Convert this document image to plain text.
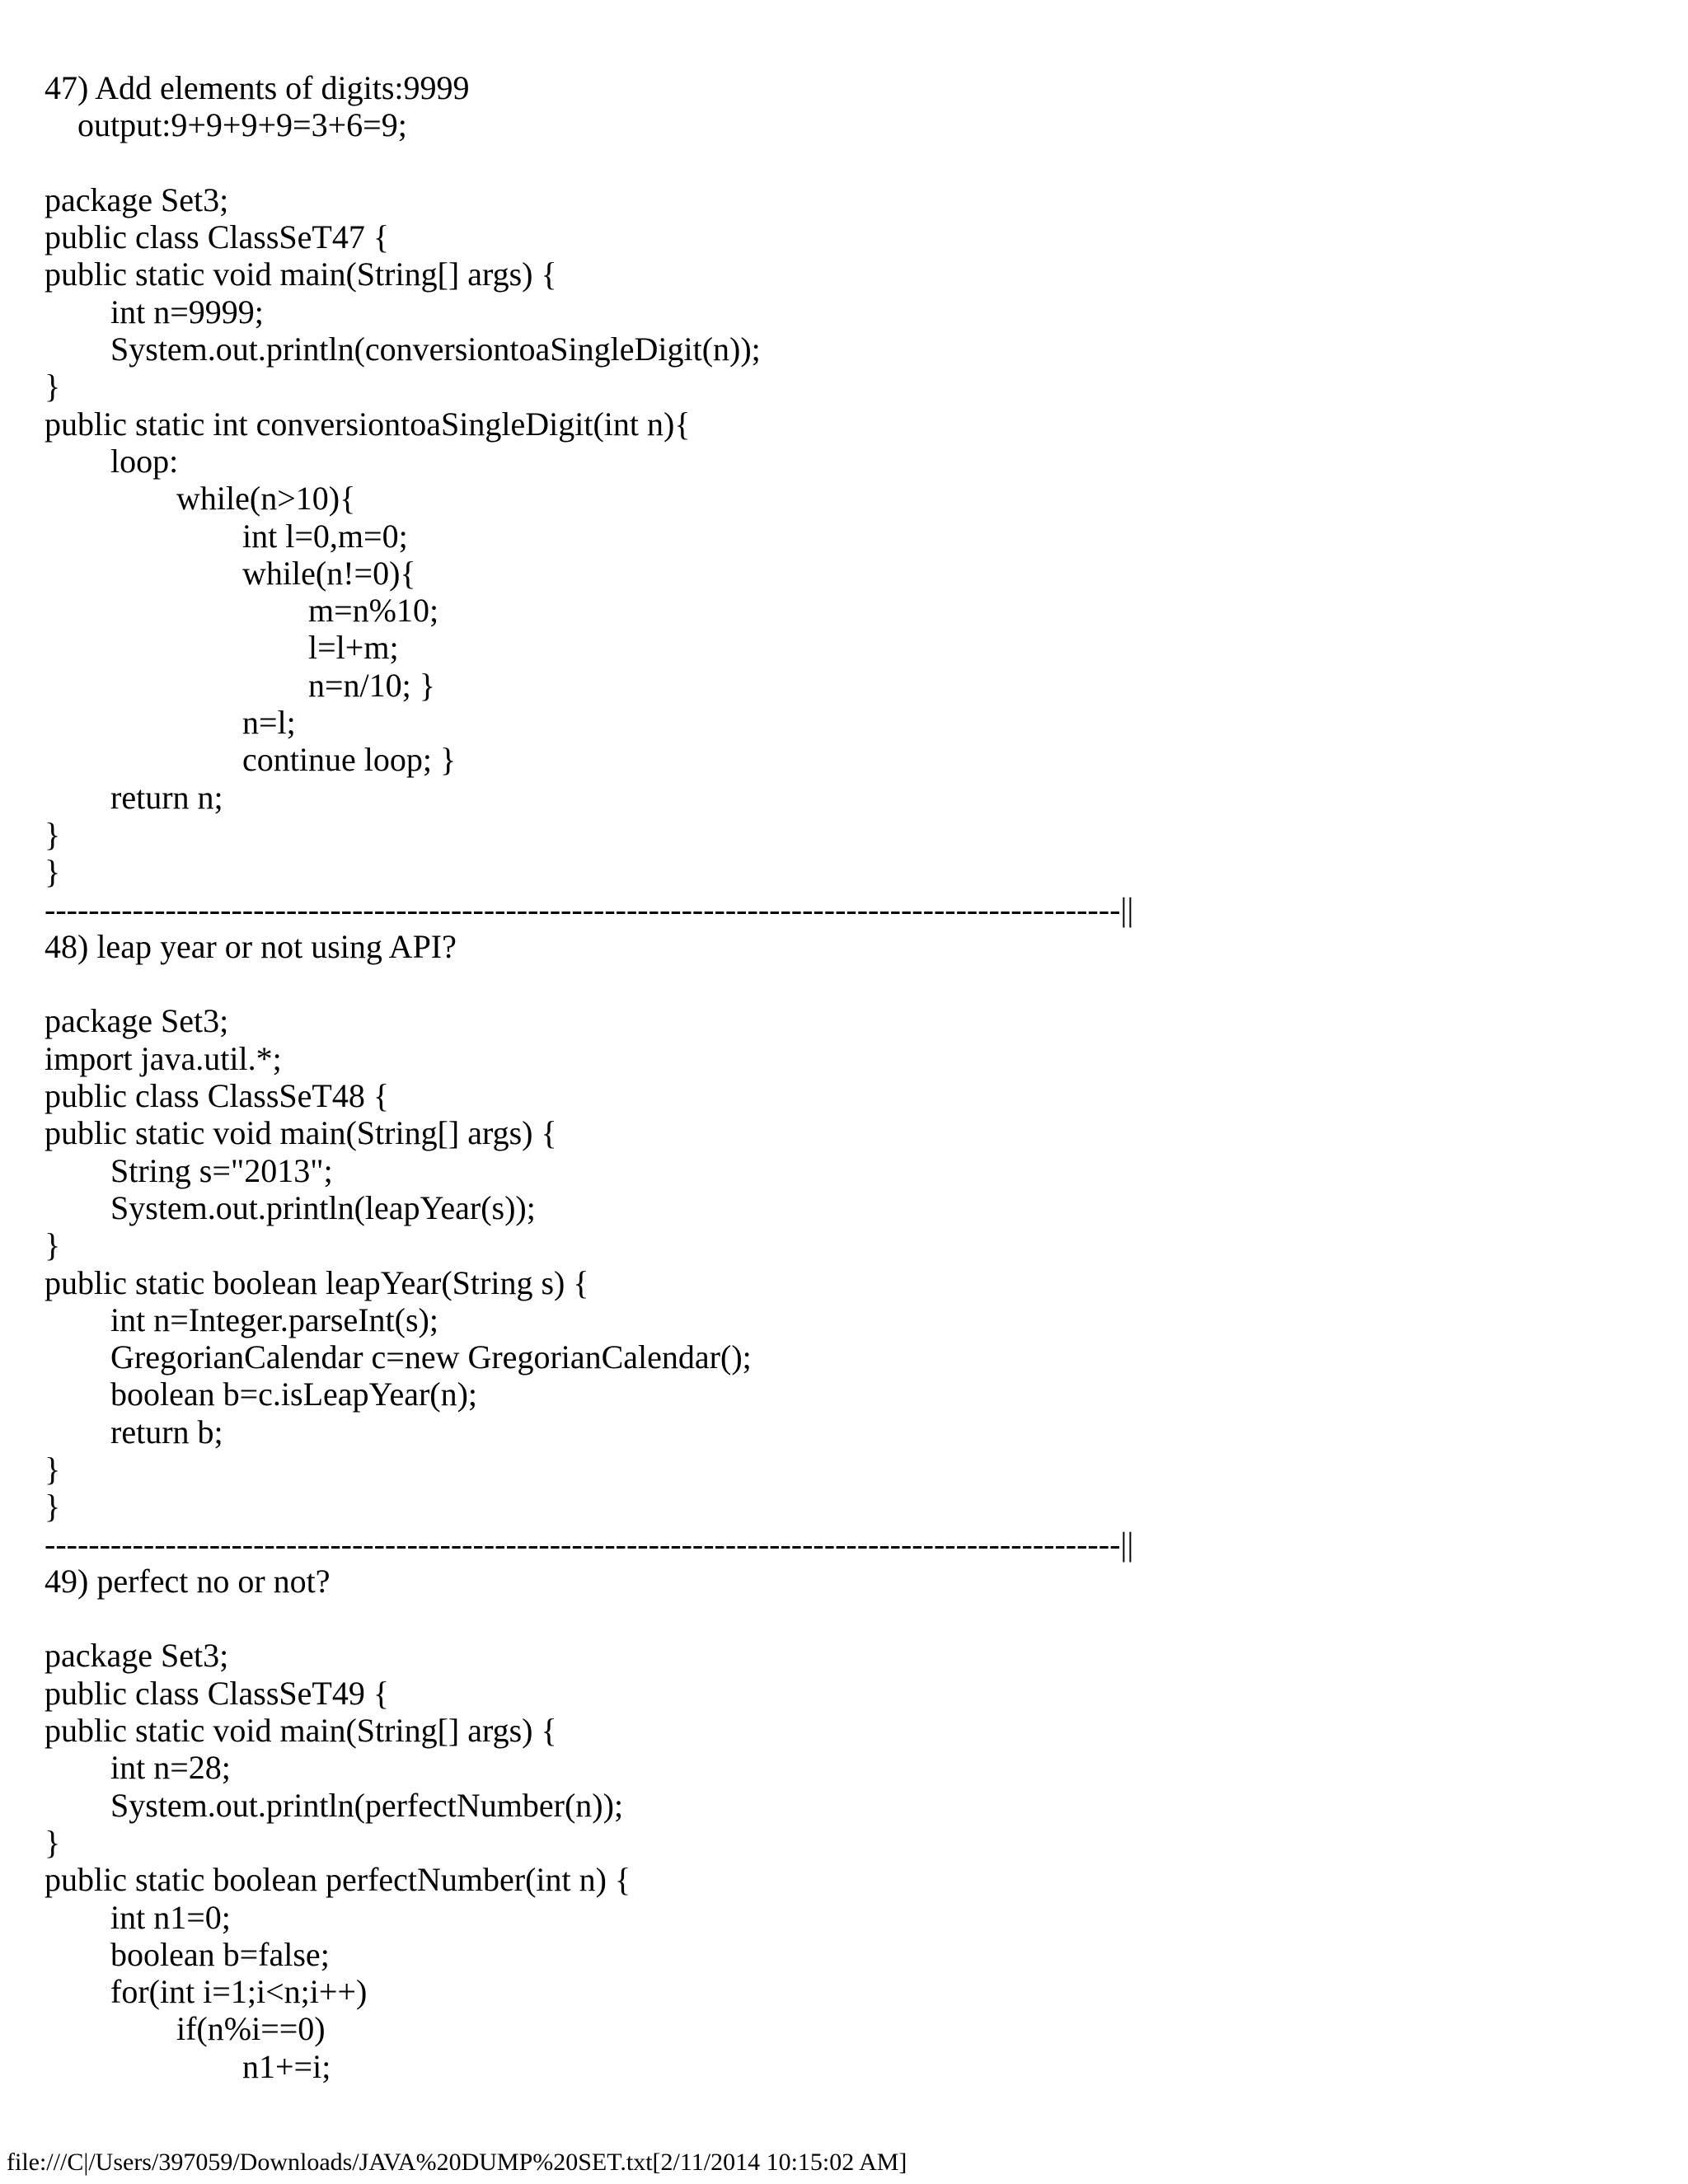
47) Add elements of digits:9999
output:9+9+9+9=3+6=9;
package Set3;
public class ClassSeT47 {
public static void main(String[] args) {
int n=9999;
System.out.println(conversiontoaSingleDigit(n));
}
public static int conversiontoaSingleDigit(int n){
loop:
while(n>10){
int l=0,m=0;
while(n!=0){
m=n%10;
l=l+m;
n=n/10; }
n=l;
continue loop; }
return n;
}
}
--------------------------------------------------------------------------------------------------||
48) leap year or not using API?
package Set3;
import java.util.*;
public class ClassSeT48 {
public static void main(String[] args) {
String s="2013";
System.out.println(leapYear(s));
}
public static boolean leapYear(String s) {
int n=Integer.parseInt(s);
GregorianCalendar c=new GregorianCalendar();
boolean b=c.isLeapYear(n);
return b;
}
}
--------------------------------------------------------------------------------------------------||
49) perfect no or not?
package Set3;
public class ClassSeT49 {
public static void main(String[] args) {
int n=28;
System.out.println(perfectNumber(n));
}
public static boolean perfectNumber(int n) {
int n1=0;
boolean b=false;
for(int i=1;i<n;i++)
if(n%i==0)
n1+=i;
file:///C|/Users/397059/Downloads/JAVA%20DUMP%20SET.txt[2/11/2014 10:15:02 AM]
